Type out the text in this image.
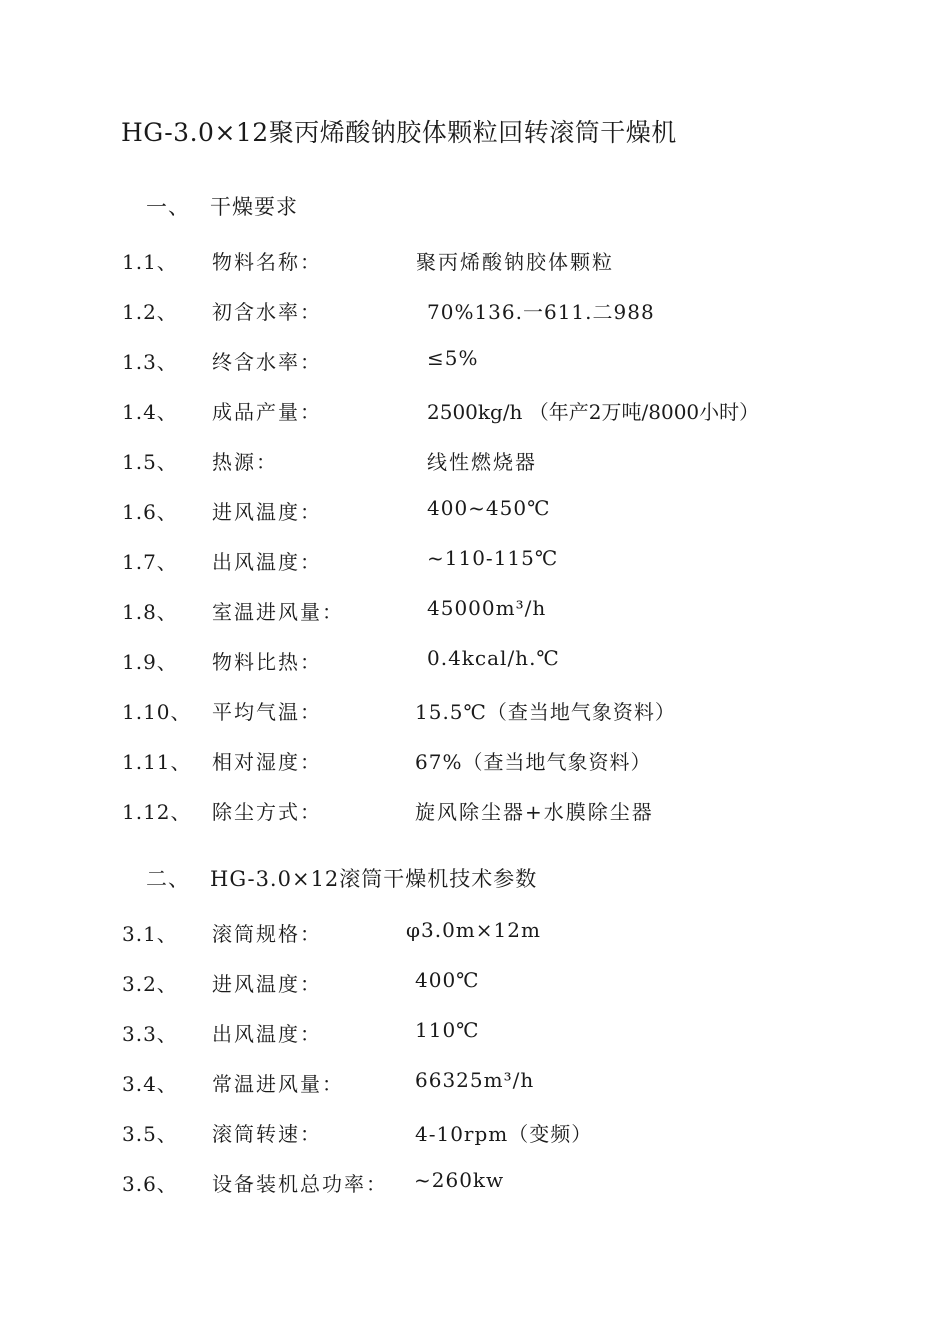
HG-3.0×12聚丙烯酸钠胶体颗粒回转滚筒干燥机
一、 干燥要求
1.1、 物料名称：	聚丙烯酸钠胶体颗粒
1.2、 初含水率：	70%136.一611.二988
1.3、 终含水率：	≤5%
1.4、 成品产量：	2500kg/h （年产2万吨/8000小时）
1.5、 热源：	线性燃烧器
1.6、 进风温度：	400~450℃
1.7、 出风温度：	~110-115℃
1.8、 室温进风量：	45000m³/h
1.9、 物料比热：	0.4kcal/h.℃
1.10、 平均气温：	15.5℃（查当地气象资料）
1.11、 相对湿度：	67%（查当地气象资料）
1.12、 除尘方式：	旋风除尘器+水膜除尘器
二、 HG-3.0×12滚筒干燥机技术参数
3.1、 滚筒规格：	φ3.0m×12m
3.2、 进风温度：	400℃
3.3、 出风温度：	110℃
3.4、 常温进风量：	66325m³/h
3.5、 滚筒转速：	4-10rpm（变频）
3.6、 设备装机总功率： ~260kw
